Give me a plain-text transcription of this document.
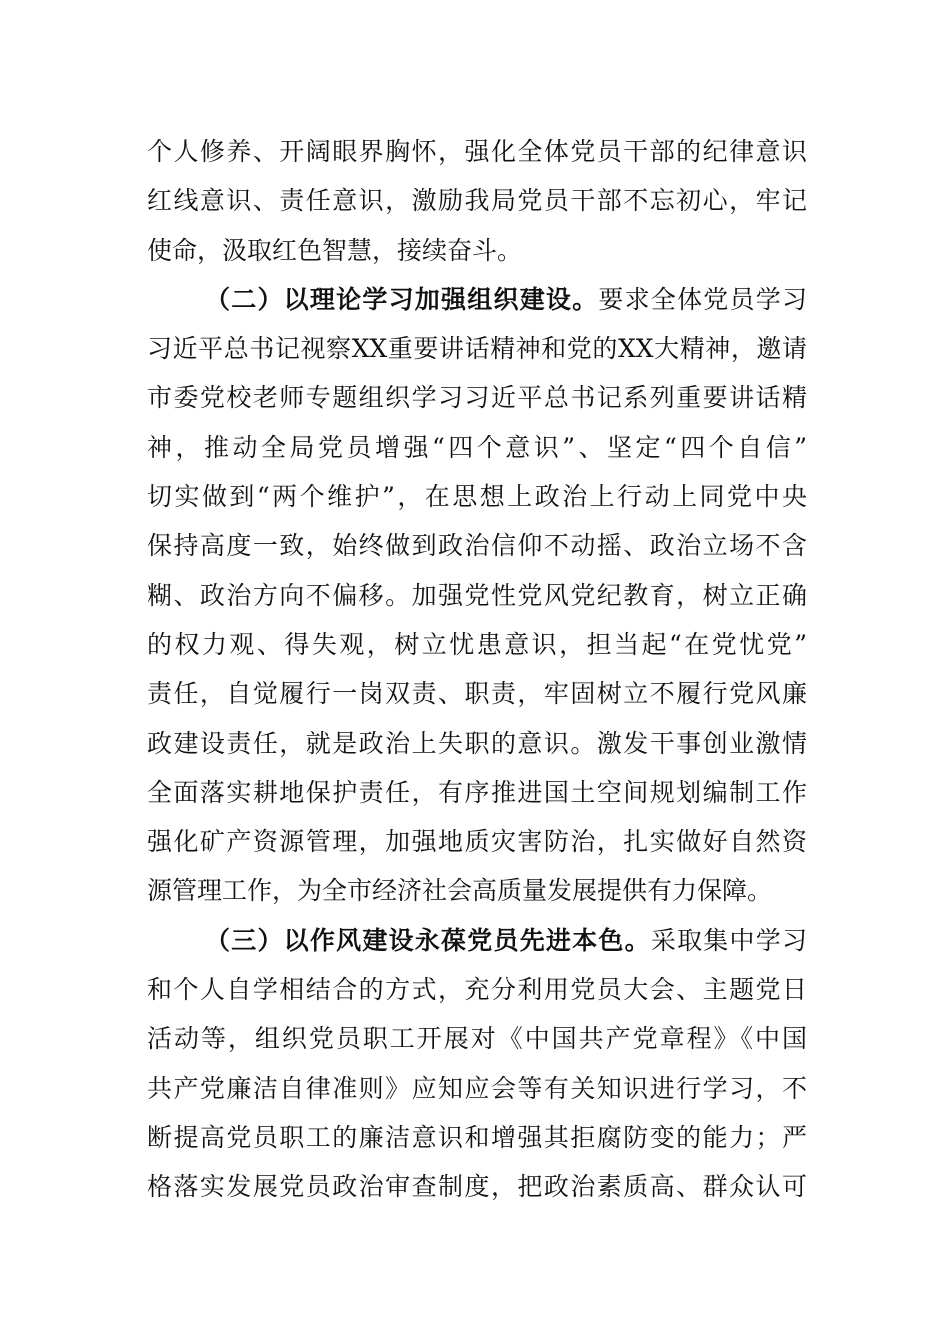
个人修养、开阔眼界胸怀，强化全体党员干部的纪律意识
红线意识、责任意识，激励我局党员干部不忘初心，牢记
使命，汲取红色智慧，接续奋斗。
（二）以理论学习加强组织建设。要求全体党员学习
习近平总书记视察XX重要讲话精神和党的XX大精神，邀请
市委党校老师专题组织学习习近平总书记系列重要讲话精
神，推动全局党员增强“四个意识”、坚定“四个自信”
切实做到“两个维护”，在思想上政治上行动上同党中央
保持高度一致，始终做到政治信仰不动摇、政治立场不含
糊、政治方向不偏移。加强党性党风党纪教育，树立正确
的权力观、得失观，树立忧患意识，担当起“在党忧党”
责任，自觉履行一岗双责、职责，牢固树立不履行党风廉
政建设责任，就是政治上失职的意识。激发干事创业激情
全面落实耕地保护责任，有序推进国土空间规划编制工作
强化矿产资源管理，加强地质灾害防治，扎实做好自然资
源管理工作，为全市经济社会高质量发展提供有力保障。
（三）以作风建设永葆党员先进本色。采取集中学习
和个人自学相结合的方式，充分利用党员大会、主题党日
活动等，组织党员职工开展对《中国共产党章程》《中国
共产党廉洁自律准则》应知应会等有关知识进行学习，不
断提高党员职工的廉洁意识和增强其拒腐防变的能力；严
格落实发展党员政治审查制度，把政治素质高、群众认可
